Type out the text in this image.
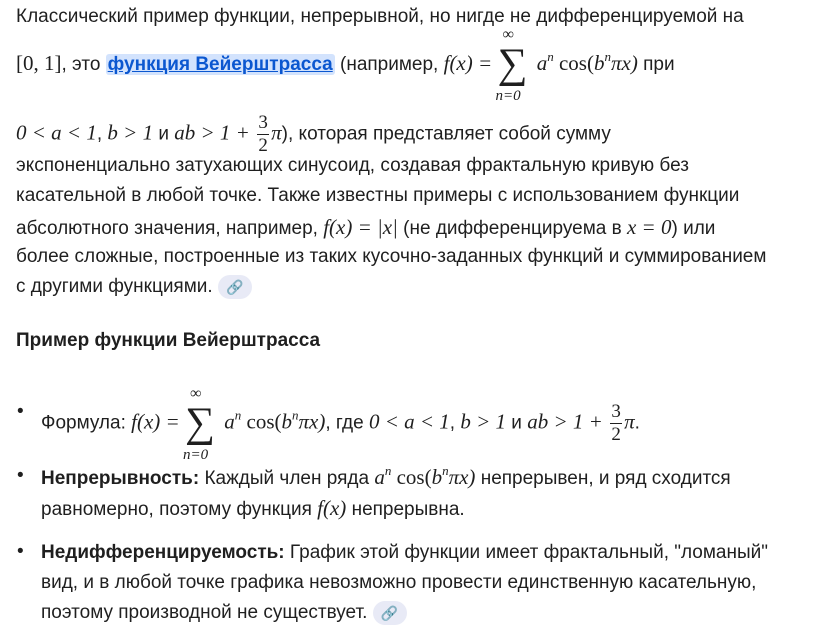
Классический пример функции, непрерывной, но нигде не дифференцируемой на
[0, 1], это функция Вейерштрасса (например, f(x) =
∞
∑
n=0
$a^n$ $\cos(b^n\pi x)$ при
0 < a < 1, b > 1 и ab > $1 + \frac{3}{2} \pi$), которая представляет собой сумму
экспоненциально затухающих синусоид, создавая фрактальную кривую без
касательной в любой точке. Также известны примеры с использованием функции
абсолютного значения, например, f(x) = |x| (не дифференцируема в x = 0) или
более сложные, построенные из таких кусочно-заданных функций и суммированием
с другими функциями. 🔗
Пример функции Вейерштрасса
•
Формула: f(x) =
∞
∑
n=0
$a^n$ $\cos(b^n\pi x)$, где 0 < a < 1, b > 1 и ab > $1 + \frac{3}{2} \pi$.
• Непрерывность: Каждый член ряда $a^n$ $\cos(b^n\pi x)$ непрерывен, и ряд сходится
равномерно, поэтому функция f(x) непрерывна.
• Недифференцируемость: График этой функции имеет фрактальный, "ломаный"
вид, и в любой точке графика невозможно провести единственную касательную,
поэтому производной не существует. 🔗
